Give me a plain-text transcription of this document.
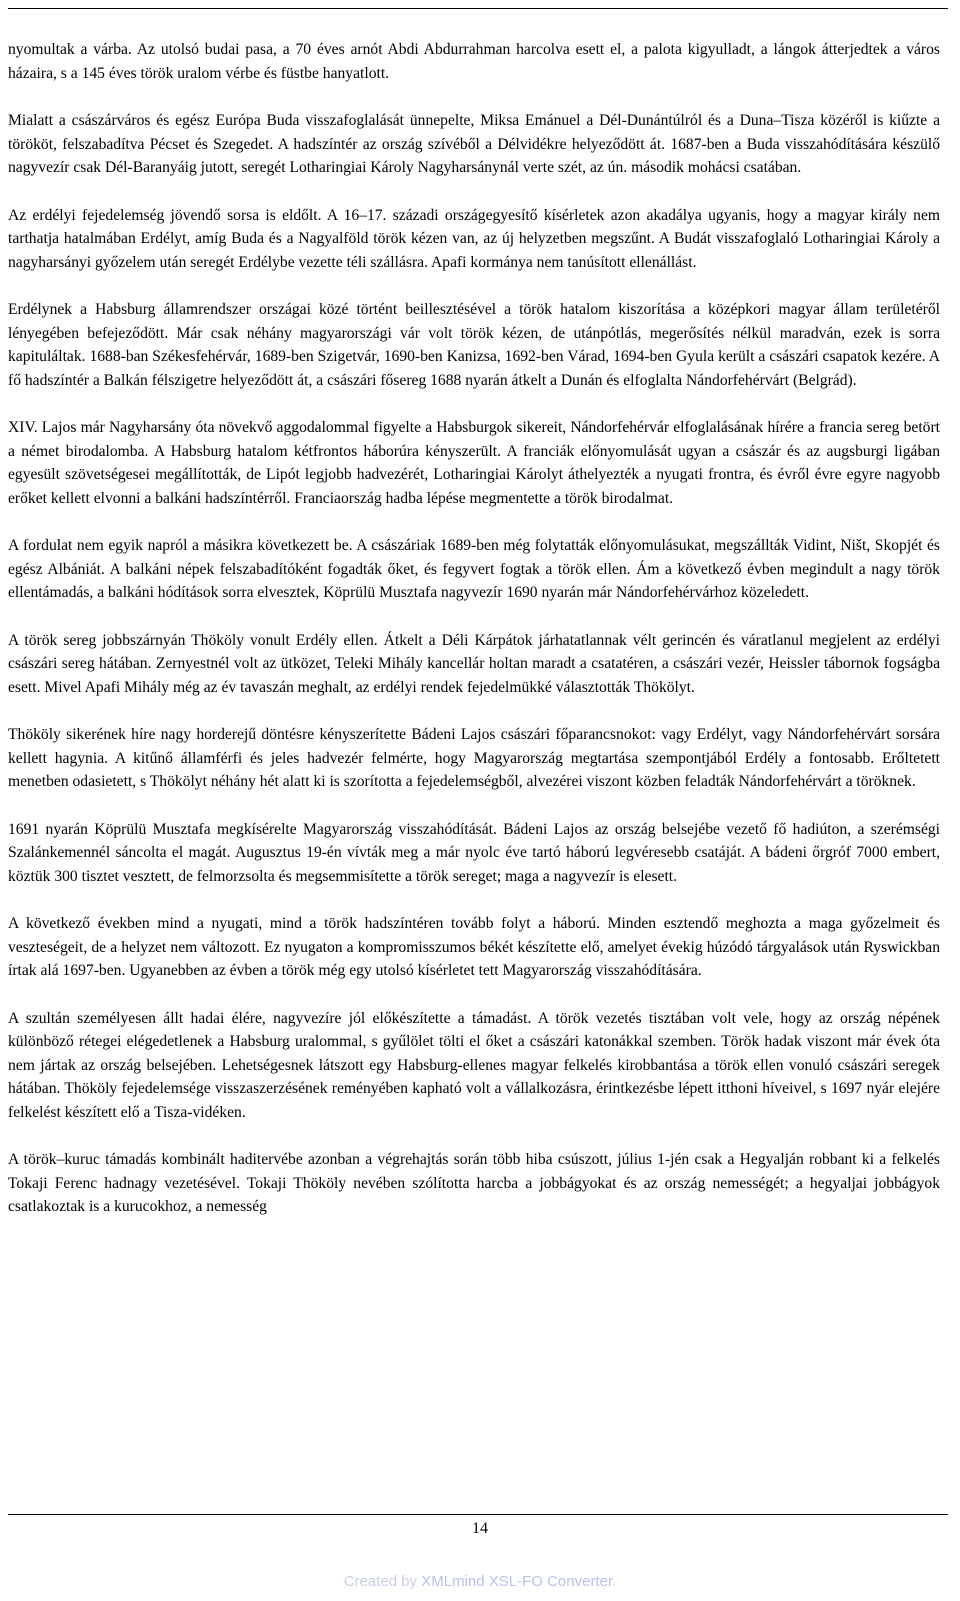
nyomultak a várba. Az utolsó budai pasa, a 70 éves arnót Abdi Abdurrahman harcolva esett el, a palota kigyulladt, a lángok átterjedtek a város házaira, s a 145 éves török uralom vérbe és füstbe hanyatlott.

Mialatt a császárváros és egész Európa Buda visszafoglalását ünnepelte, Miksa Emánuel a Dél-Dunántúlról és a Duna–Tisza közéről is kiűzte a törököt, felszabadítva Pécset és Szegedet. A hadszíntér az ország szívéből a Délvidékre helyeződött át. 1687-ben a Buda visszahódítására készülő nagyvezír csak Dél-Baranyáig jutott, seregét Lotharingiai Károly Nagyharsánynál verte szét, az ún. második mohácsi csatában.

Az erdélyi fejedelemség jövendő sorsa is eldőlt. A 16–17. századi országegyesítő kísérletek azon akadálya ugyanis, hogy a magyar király nem tarthatja hatalmában Erdélyt, amíg Buda és a Nagyalföld török kézen van, az új helyzetben megszűnt. A Budát visszafoglaló Lotharingiai Károly a nagyharsányi győzelem után seregét Erdélybe vezette téli szállásra. Apafi kormánya nem tanúsított ellenállást.

Erdélynek a Habsburg államrendszer országai közé történt beillesztésével a török hatalom kiszorítása a középkori magyar állam területéről lényegében befejeződött. Már csak néhány magyarországi vár volt török kézen, de utánpótlás, megerősítés nélkül maradván, ezek is sorra kapituláltak. 1688-ban Székesfehérvár, 1689-ben Szigetvár, 1690-ben Kanizsa, 1692-ben Várad, 1694-ben Gyula került a császári csapatok kezére. A fő hadszíntér a Balkán félszigetre helyeződött át, a császári fősereg 1688 nyarán átkelt a Dunán és elfoglalta Nándorfehérvárt (Belgrád).

XIV. Lajos már Nagyharsány óta növekvő aggodalommal figyelte a Habsburgok sikereit, Nándorfehérvár elfoglalásának hírére a francia sereg betört a német birodalomba. A Habsburg hatalom kétfrontos háborúra kényszerült. A franciák előnyomulását ugyan a császár és az augsburgi ligában egyesült szövetségesei megállították, de Lipót legjobb hadvezérét, Lotharingiai Károlyt áthelyezték a nyugati frontra, és évről évre egyre nagyobb erőket kellett elvonni a balkáni hadszíntérről. Franciaország hadba lépése megmentette a török birodalmat.

A fordulat nem egyik napról a másikra következett be. A császáriak 1689-ben még folytatták előnyomulásukat, megszállták Vidint, Ništ, Skopjét és egész Albániát. A balkáni népek felszabadítóként fogadták őket, és fegyvert fogtak a török ellen. Ám a következő évben megindult a nagy török ellentámadás, a balkáni hódítások sorra elvesztek, Köprülü Musztafa nagyvezír 1690 nyarán már Nándorfehérvárhoz közeledett.

A török sereg jobbszárnyán Thököly vonult Erdély ellen. Átkelt a Déli Kárpátok járhatatlannak vélt gerincén és váratlanul megjelent az erdélyi császári sereg hátában. Zernyestnél volt az ütközet, Teleki Mihály kancellár holtan maradt a csatatéren, a császári vezér, Heissler tábornok fogságba esett. Mivel Apafi Mihály még az év tavaszán meghalt, az erdélyi rendek fejedelmükké választották Thökölyt.

Thököly sikerének híre nagy horderejű döntésre kényszerítette Bádeni Lajos császári főparancsnokot: vagy Erdélyt, vagy Nándorfehérvárt sorsára kellett hagynia. A kitűnő államférfi és jeles hadvezér felmérte, hogy Magyarország megtartása szempontjából Erdély a fontosabb. Erőltetett menetben odasietett, s Thökölyt néhány hét alatt ki is szorította a fejedelemségből, alvezérei viszont közben feladták Nándorfehérvárt a töröknek.

1691 nyarán Köprülü Musztafa megkísérelte Magyarország visszahódítását. Bádeni Lajos az ország belsejébe vezető fő hadiúton, a szerémségi Szalánkemennél sáncolta el magát. Augusztus 19-én vívták meg a már nyolc éve tartó háború legvéresebb csatáját. A bádeni őrgróf 7000 embert, köztük 300 tisztet vesztett, de felmorzsolta és megsemmisítette a török sereget; maga a nagyvezír is elesett.

A következő években mind a nyugati, mind a török hadszíntéren tovább folyt a háború. Minden esztendő meghozta a maga győzelmeit és veszteségeit, de a helyzet nem változott. Ez nyugaton a kompromisszumos békét készítette elő, amelyet évekig húzódó tárgyalások után Ryswickban írtak alá 1697-ben. Ugyanebben az évben a török még egy utolsó kísérletet tett Magyarország visszahódítására.

A szultán személyesen állt hadai élére, nagyvezíre jól előkészítette a támadást. A török vezetés tisztában volt vele, hogy az ország népének különböző rétegei elégedetlenek a Habsburg uralommal, s gyűlölet tölti el őket a császári katonákkal szemben. Török hadak viszont már évek óta nem jártak az ország belsejében. Lehetségesnek látszott egy Habsburg-ellenes magyar felkelés kirobbantása a török ellen vonuló császári seregek hátában. Thököly fejedelemsége visszaszerzésének reményében kapható volt a vállalkozásra, érintkezésbe lépett itthoni híveivel, s 1697 nyár elejére felkelést készített elő a Tisza-vidéken.

A török–kuruc támadás kombinált haditervébe azonban a végrehajtás során több hiba csúszott, július 1-jén csak a Hegyalján robbant ki a felkelés Tokaji Ferenc hadnagy vezetésével. Tokaji Thököly nevében szólította harcba a jobbágyokat és az ország nemességét; a hegyaljai jobbágyok csatlakoztak is a kurucokhoz, a nemesség

14
Created by XMLmind XSL-FO Converter.
